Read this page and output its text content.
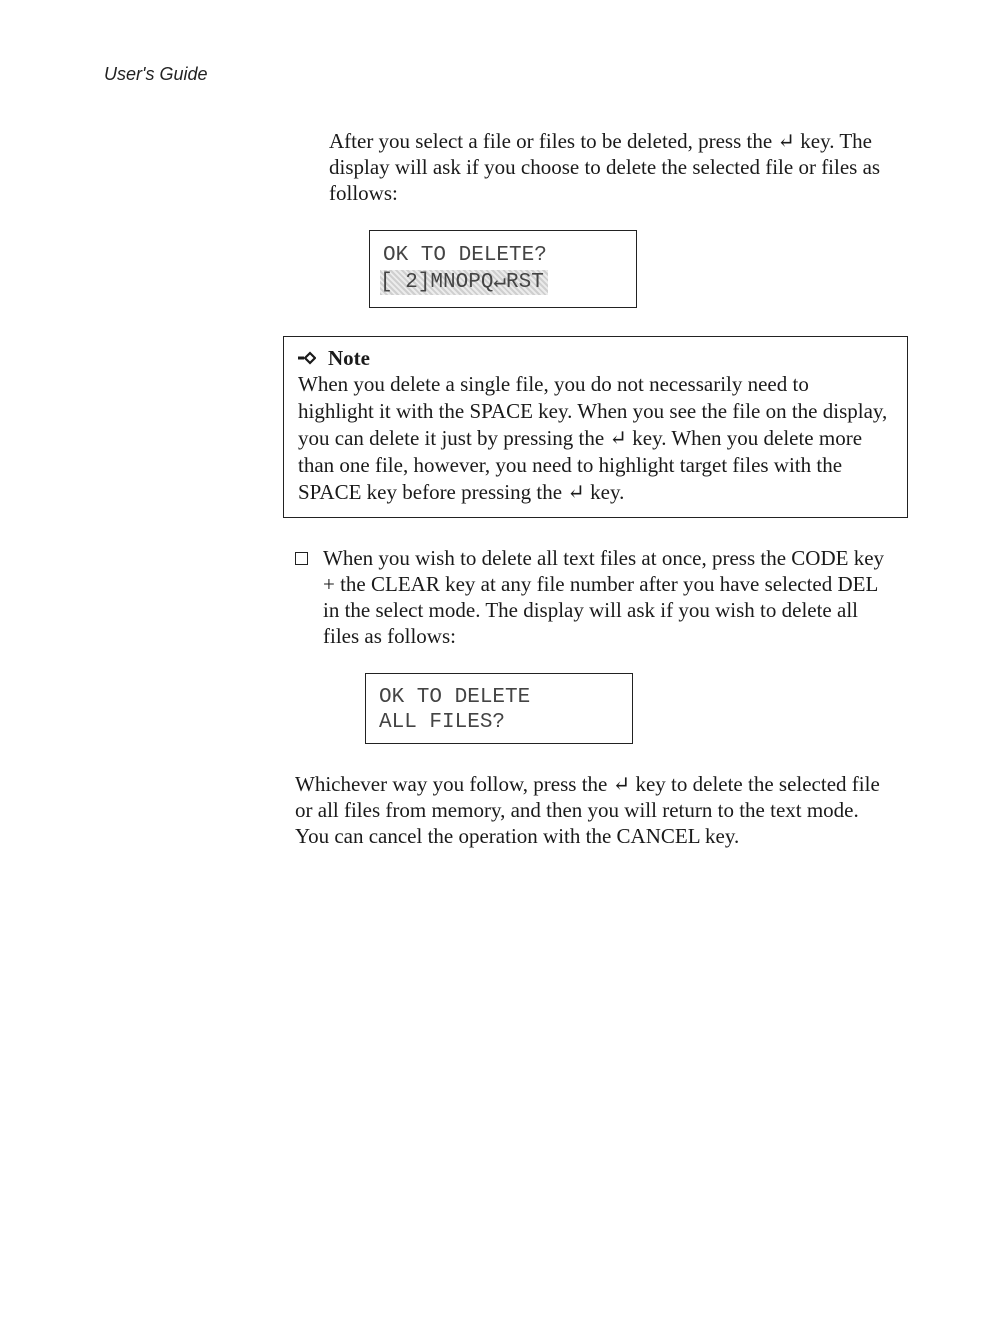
User's Guide
After you select a file or files to be deleted, press the ↵ key. The display will ask if you choose to delete the selected file or files as follows:
OK TO DELETE?
[ 2]MNOPQ↵RST
Note
When you delete a single file, you do not necessarily need to highlight it with the SPACE key. When you see the file on the display, you can delete it just by pressing the ↵ key. When you delete more than one file, however, you need to highlight target files with the SPACE key before pressing the ↵ key.
When you wish to delete all text files at once, press the CODE key + the CLEAR key at any file number after you have selected DEL in the select mode. The display will ask if you wish to delete all files as follows:
OK TO DELETE
ALL FILES?
Whichever way you follow, press the ↵ key to delete the selected file or all files from memory, and then you will return to the text mode. You can cancel the operation with the CANCEL key.
